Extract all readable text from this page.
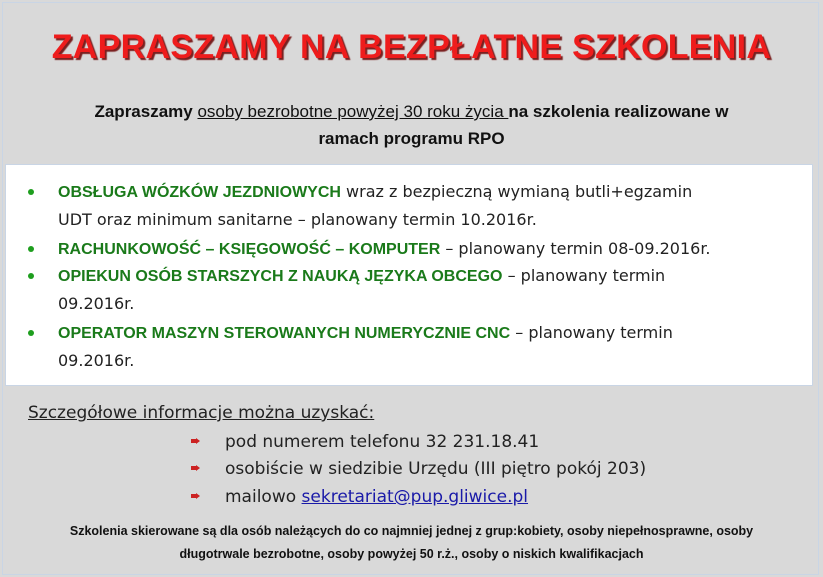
ZAPRASZAMY NA BEZPŁATNE SZKOLENIA
Zapraszamy osoby bezrobotne powyżej 30 roku życia na szkolenia realizowane w
ramach programu RPO
OBSŁUGA WÓZKÓW JEZDNIOWYCH wraz z bezpieczną wymianą butli+egzamin
UDT oraz minimum sanitarne – planowany termin 10.2016r.
RACHUNKOWOŚĆ – KSIĘGOWOŚĆ – KOMPUTER – planowany termin 08-09.2016r.
OPIEKUN OSÓB STARSZYCH Z NAUKĄ JĘZYKA OBCEGO – planowany termin
09.2016r.
OPERATOR MASZYN STEROWANYCH NUMERYCZNIE CNC – planowany termin
09.2016r.
Szczegółowe informacje można uzyskać:
pod numerem telefonu 32 231.18.41
osobiście w siedzibie Urzędu (III piętro pokój 203)
mailowo sekretariat@pup.gliwice.pl
Szkolenia skierowane są dla osób należących do co najmniej jednej z grup:kobiety, osoby niepełnosprawne, osoby
długotrwale bezrobotne, osoby powyżej 50 r.ż., osoby o niskich kwalifikacjach
